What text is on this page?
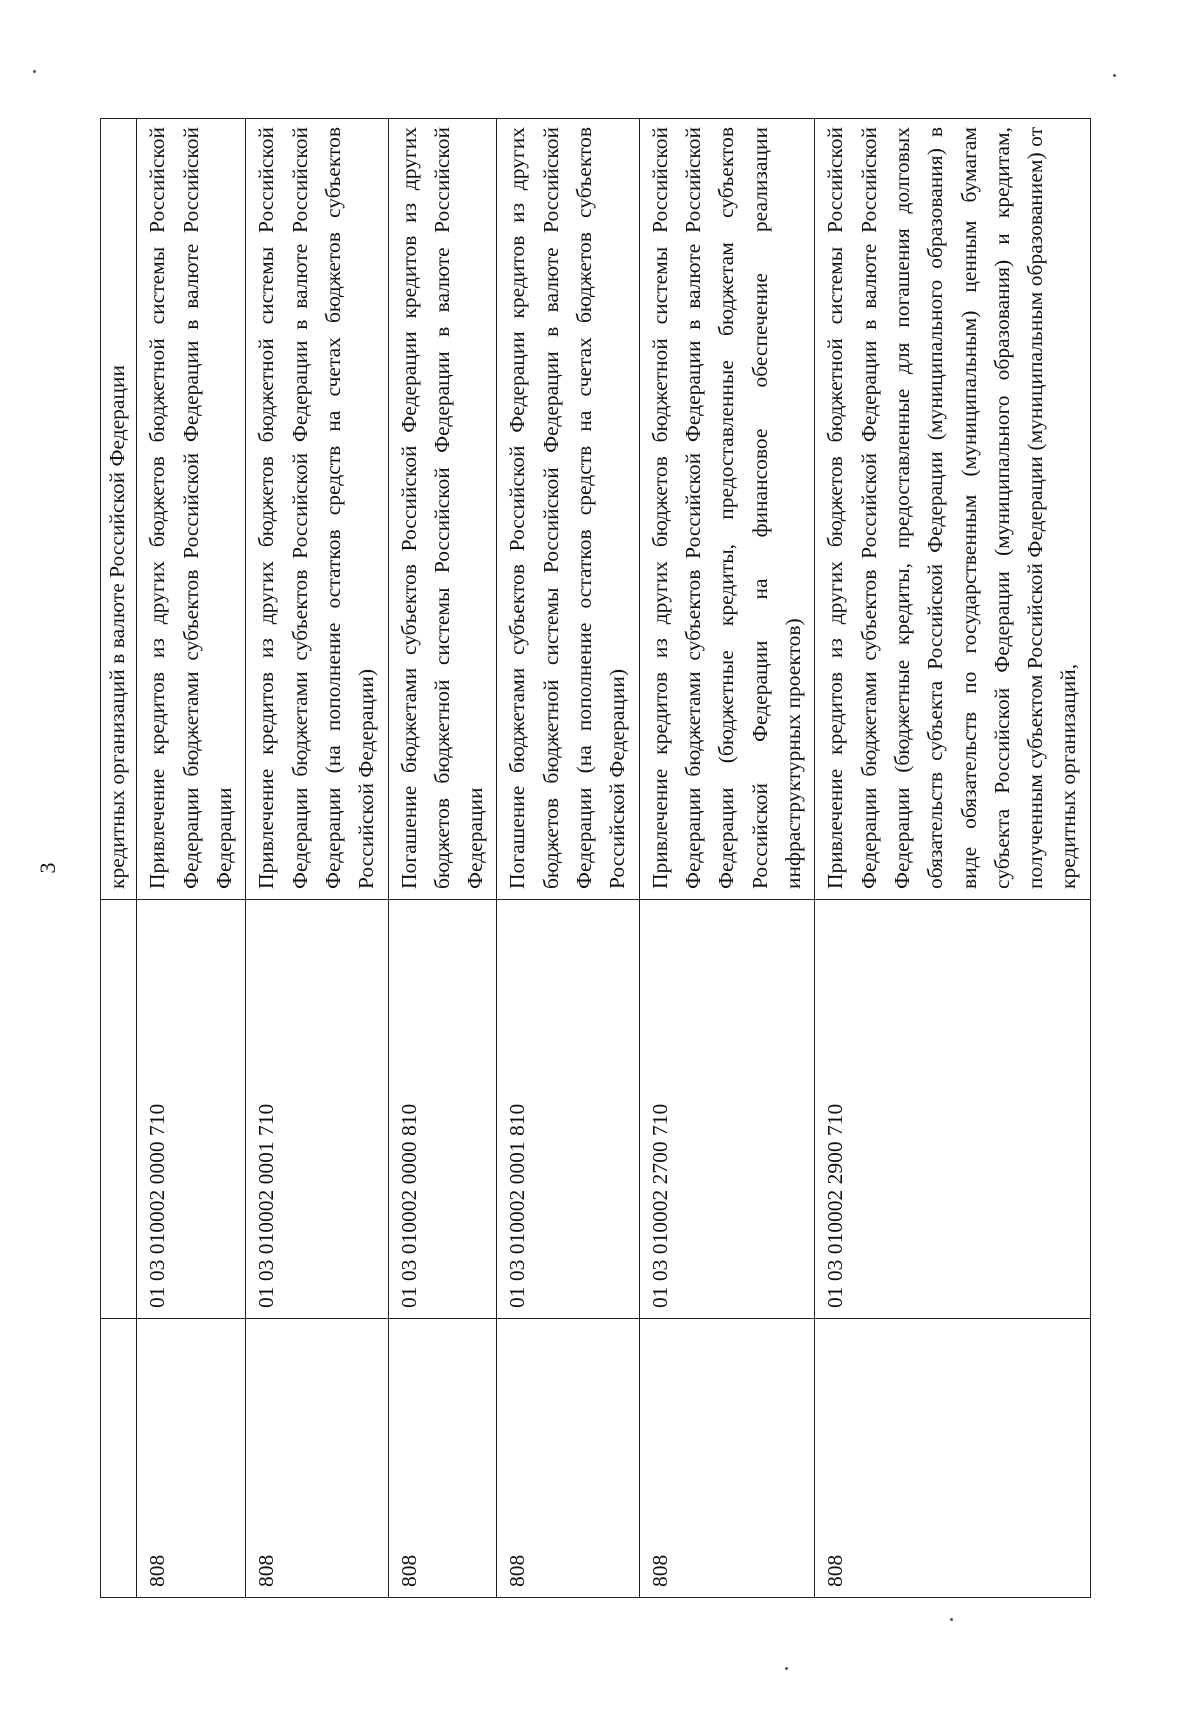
3
		кредитных организаций в валюте Российской Федерации
808	01 03 010002 0000 710	Привлечение кредитов из других бюджетов бюджетной системы Российской Федерации бюджетами субъектов Российской Федерации в валюте Российской Федерации
808	01 03 010002 0001 710	Привлечение кредитов из других бюджетов бюджетной системы Российской Федерации бюджетами субъектов Российской Федерации в валюте Российской Федерации (на пополнение остатков средств на счетах бюджетов субъектов Российской Федерации)
808	01 03 010002 0000 810	Погашение бюджетами субъектов Российской Федерации кредитов из других бюджетов бюджетной системы Российской Федерации в валюте Российской Федерации
808	01 03 010002 0001 810	Погашение бюджетами субъектов Российской Федерации кредитов из других бюджетов бюджетной системы Российской Федерации в валюте Российской Федерации (на пополнение остатков средств на счетах бюджетов субъектов Российской Федерации)
808	01 03 010002 2700 710	Привлечение кредитов из других бюджетов бюджетной системы Российской Федерации бюджетами субъектов Российской Федерации в валюте Российской Федерации (бюджетные кредиты, предоставленные бюджетам субъектов Российской Федерации на финансовое обеспечение реализации инфраструктурных проектов)
808	01 03 010002 2900 710	Привлечение кредитов из других бюджетов бюджетной системы Российской Федерации бюджетами субъектов Российской Федерации в валюте Российской Федерации (бюджетные кредиты, предоставленные для погашения долговых обязательств субъекта Российской Федерации (муниципального образования) в виде обязательств по государственным (муниципальным) ценным бумагам субъекта Российской Федерации (муниципального образования) и кредитам, полученным субъектом Российской Федерации (муниципальным образованием) от кредитных организаций,
